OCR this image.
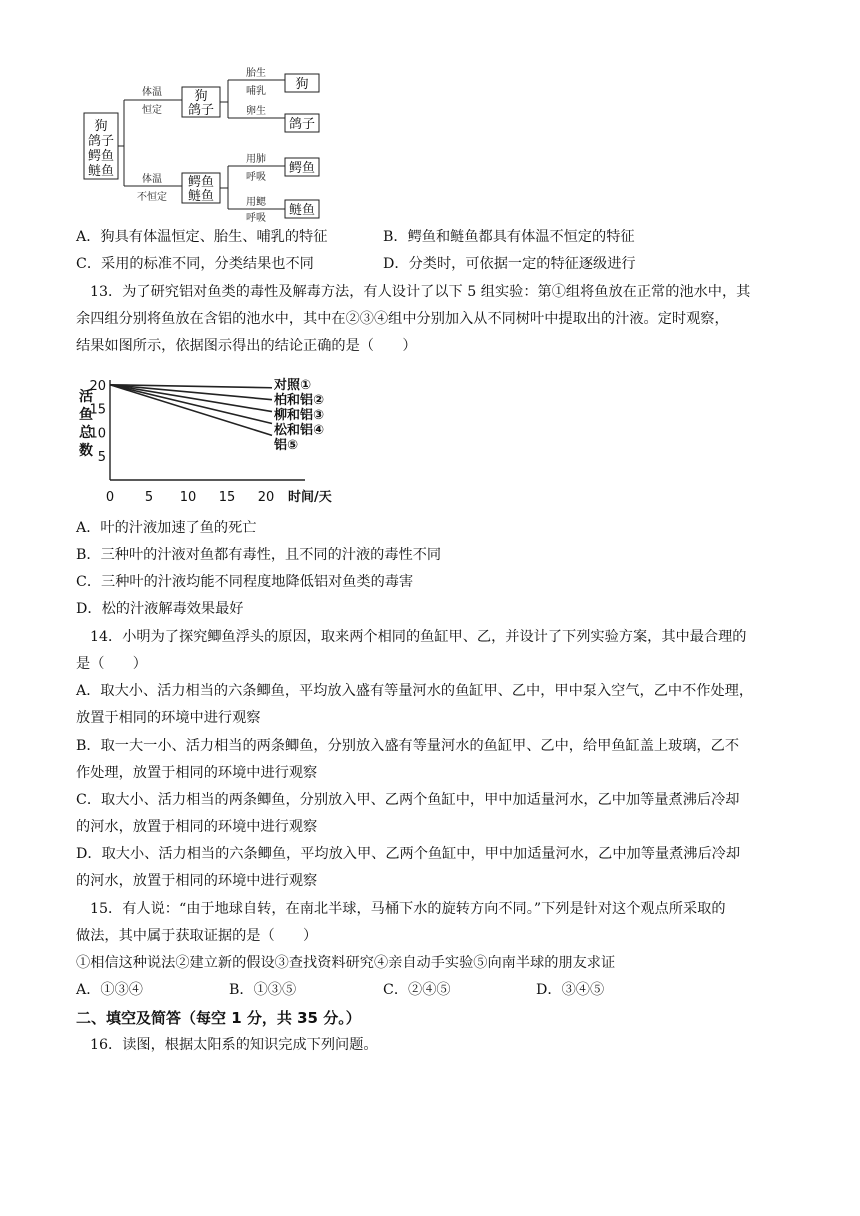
狗
鸽子
鳄鱼
鲢鱼
狗
鸽子
鳄鱼
鲢鱼
狗
鸽子
鳄鱼
鲢鱼
体温
恒定
体温
不恒定
胎生
哺乳
卵生
用肺
呼吸
用鳃
呼吸
A．狗具有体温恒定、胎生、哺乳的特征	B．鳄鱼和鲢鱼都具有体温不恒定的特征
C．采用的标准不同，分类结果也不同	D．分类时，可依据一定的特征逐级进行
13．为了研究铝对鱼类的毒性及解毒方法，有人设计了以下 5 组实验：第①组将鱼放在正常的池水中，其
余四组分别将鱼放在含铝的池水中，其中在②③④组中分别加入从不同树叶中提取出的汁液。定时观察，
结果如图所示，依据图示得出的结论正确的是（　　）
活
鱼
总
数
0 5 10 15 20
5
10
15
20	对照①
柏和铝②
柳和铝③
松和铝④
铝⑤
时间/天
A．叶的汁液加速了鱼的死亡
B．三种叶的汁液对鱼都有毒性，且不同的汁液的毒性不同
C．三种叶的汁液均能不同程度地降低铝对鱼类的毒害
D．松的汁液解毒效果最好
14．小明为了探究鲫鱼浮头的原因，取来两个相同的鱼缸甲、乙，并设计了下列实验方案，其中最合理的
是（　　）
A．取大小、活力相当的六条鲫鱼，平均放入盛有等量河水的鱼缸甲、乙中，甲中泵入空气，乙中不作处理，
放置于相同的环境中进行观察
B．取一大一小、活力相当的两条鲫鱼，分别放入盛有等量河水的鱼缸甲、乙中，给甲鱼缸盖上玻璃，乙不
作处理，放置于相同的环境中进行观察
C．取大小、活力相当的两条鲫鱼，分别放入甲、乙两个鱼缸中，甲中加适量河水，乙中加等量煮沸后冷却
的河水，放置于相同的环境中进行观察
D．取大小、活力相当的六条鲫鱼，平均放入甲、乙两个鱼缸中，甲中加适量河水，乙中加等量煮沸后冷却
的河水，放置于相同的环境中进行观察
15．有人说：“由于地球自转，在南北半球，马桶下水的旋转方向不同。”下列是针对这个观点所采取的
做法，其中属于获取证据的是（　　）
①相信这种说法②建立新的假设③查找资料研究④亲自动手实验⑤向南半球的朋友求证
A．①③④	B．①③⑤	C．②④⑤	D．③④⑤
二、填空及简答（每空 1 分，共 35 分。）
16．读图，根据太阳系的知识完成下列问题。
